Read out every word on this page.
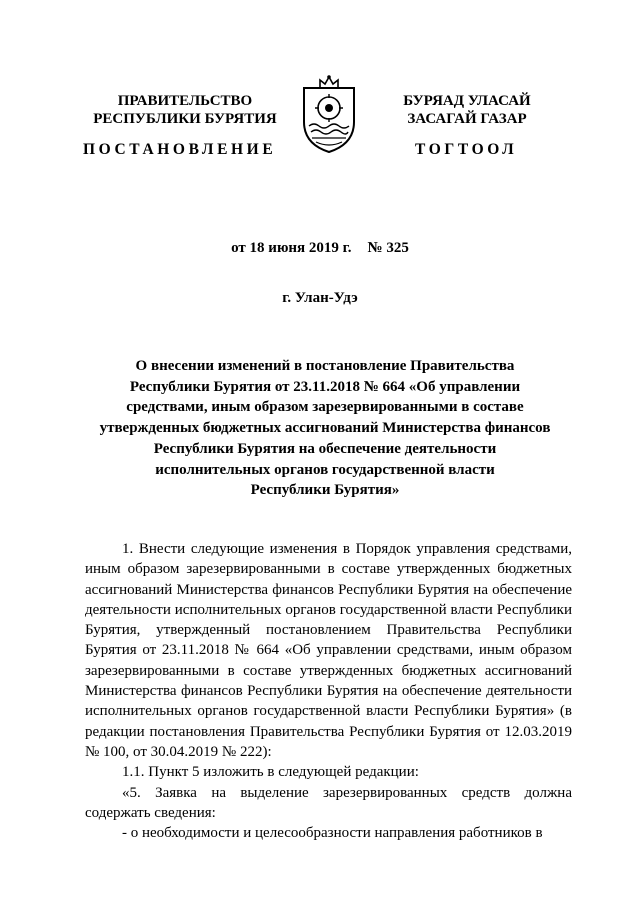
ПРАВИТЕЛЬСТВО
РЕСПУБЛИКИ БУРЯТИЯ
БУРЯАД УЛАСАЙ
ЗАСАГАЙ ГАЗАР
ПОСТАНОВЛЕНИЕ	ТОГТООЛ
от 18 июня 2019 г. № 325
г. Улан-Удэ
О внесении изменений в постановление Правительства
Республики Бурятия от 23.11.2018 № 664 «Об управлении
средствами, иным образом зарезервированными в составе
утвержденных бюджетных ассигнований Министерства финансов
Республики Бурятия на обеспечение деятельности
исполнительных органов государственной власти
Республики Бурятия»

1. Внести следующие изменения в Порядок управления средствами, иным образом зарезервированными в составе утвержденных бюджетных ассигнований Министерства финансов Республики Бурятия на обеспечение деятельности исполнительных органов государственной власти Республики Бурятия, утвержденный постановлением Правительства Республики Бурятия от 23.11.2018 № 664 «Об управлении средствами, иным образом зарезервированными в составе утвержденных бюджетных ассигнований Министерства финансов Республики Бурятия на обеспечение деятельности исполнительных органов государственной власти Республики Бурятия» (в редакции постановления Правительства Республики Бурятия от 12.03.2019 № 100, от 30.04.2019 № 222):

1.1. Пункт 5 изложить в следующей редакции:

«5. Заявка на выделение зарезервированных средств должна содержать сведения:

- о необходимости и целесообразности направления работников в
